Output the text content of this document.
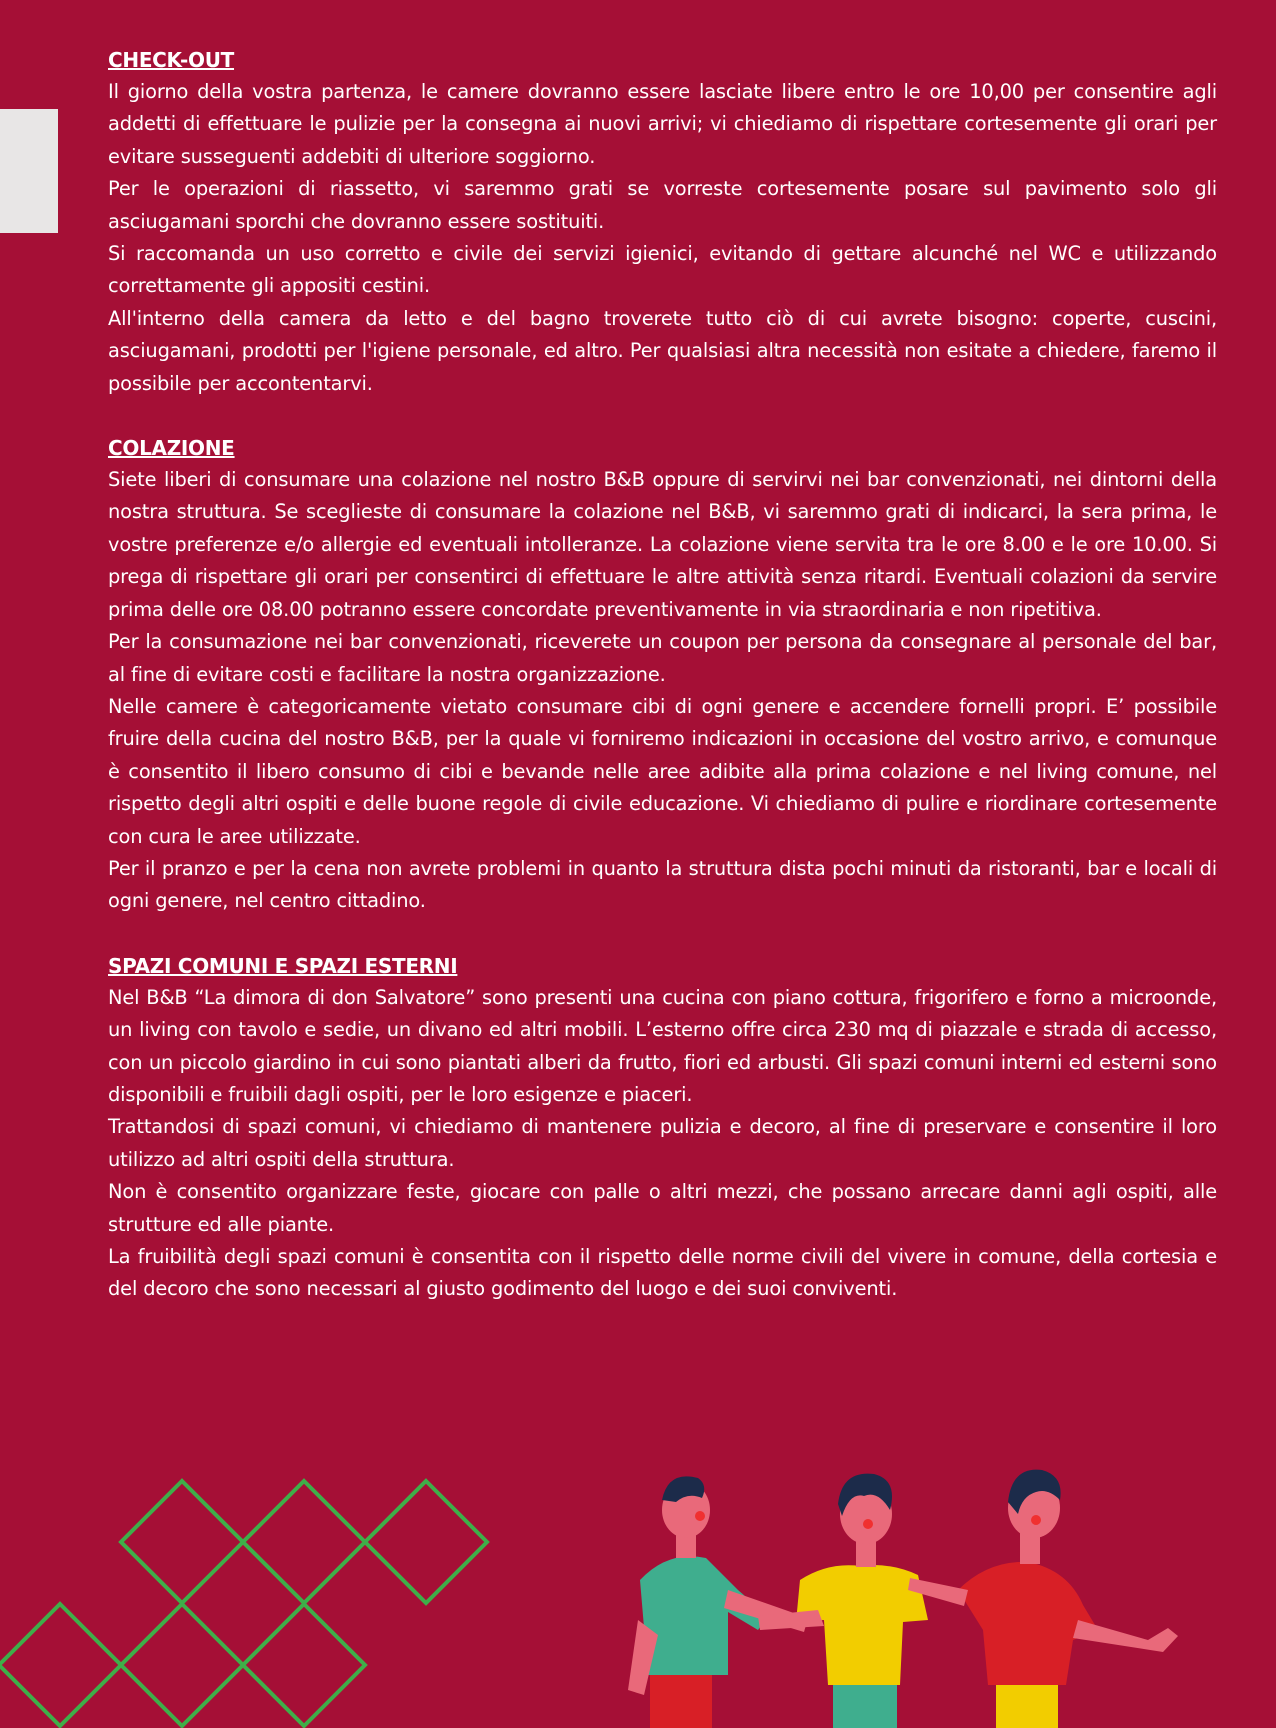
CHECK-OUT

Il giorno della vostra partenza, le camere dovranno essere lasciate libere entro le ore 10,00 per consentire agli addetti di effettuare le pulizie per la consegna ai nuovi arrivi; vi chiediamo di rispettare cortesemente gli orari per evitare susseguenti addebiti di ulteriore soggiorno.

Per le operazioni di riassetto, vi saremmo grati se vorreste cortesemente posare sul pavimento solo gli asciugamani sporchi che dovranno essere sostituiti.

Si raccomanda un uso corretto e civile dei servizi igienici, evitando di gettare alcunché nel WC e utilizzando correttamente gli appositi cestini.

All'interno della camera da letto e del bagno troverete tutto ciò di cui avrete bisogno: coperte, cuscini, asciugamani, prodotti per l'igiene personale, ed altro. Per qualsiasi altra necessità non esitate a chiedere, faremo il possibile per accontentarvi.

COLAZIONE

Siete liberi di consumare una colazione nel nostro B&B oppure di servirvi nei bar convenzionati, nei dintorni della nostra struttura. Se sceglieste di consumare la colazione nel B&B, vi saremmo grati di indicarci, la sera prima, le vostre preferenze e/o allergie ed eventuali intolleranze. La colazione viene servita tra le ore 8.00 e le ore 10.00. Si prega di rispettare gli orari per consentirci di effettuare le altre attività senza ritardi. Eventuali colazioni da servire prima delle ore 08.00 potranno essere concordate preventivamente in via straordinaria e non ripetitiva.

Per la consumazione nei bar convenzionati, riceverete un coupon per persona da consegnare al personale del bar, al fine di evitare costi e facilitare la nostra organizzazione.

Nelle camere è categoricamente vietato consumare cibi di ogni genere e accendere fornelli propri. E’ possibile fruire della cucina del nostro B&B, per la quale vi forniremo indicazioni in occasione del vostro arrivo, e comunque è consentito il libero consumo di cibi e bevande nelle aree adibite alla prima colazione e nel living comune, nel rispetto degli altri ospiti e delle buone regole di civile educazione. Vi chiediamo di pulire e riordinare cortesemente con cura le aree utilizzate.

Per il pranzo e per la cena non avrete problemi in quanto la struttura dista pochi minuti da ristoranti, bar e locali di ogni genere, nel centro cittadino.

SPAZI COMUNI E SPAZI ESTERNI

Nel B&B “La dimora di don Salvatore” sono presenti una cucina con piano cottura, frigorifero e forno a microonde, un living con tavolo e sedie, un divano ed altri mobili. L’esterno offre circa 230 mq di piazzale e strada di accesso, con un piccolo giardino in cui sono piantati alberi da frutto, fiori ed arbusti. Gli spazi comuni interni ed esterni sono disponibili e fruibili dagli ospiti, per le loro esigenze e piaceri.

Trattandosi di spazi comuni, vi chiediamo di mantenere pulizia e decoro, al fine di preservare e consentire il loro utilizzo ad altri ospiti della struttura.

Non è consentito organizzare feste, giocare con palle o altri mezzi, che possano arrecare danni agli ospiti, alle strutture ed alle piante.

La fruibilità degli spazi comuni è consentita con il rispetto delle norme civili del vivere in comune, della cortesia e del decoro che sono necessari al giusto godimento del luogo e dei suoi conviventi.
